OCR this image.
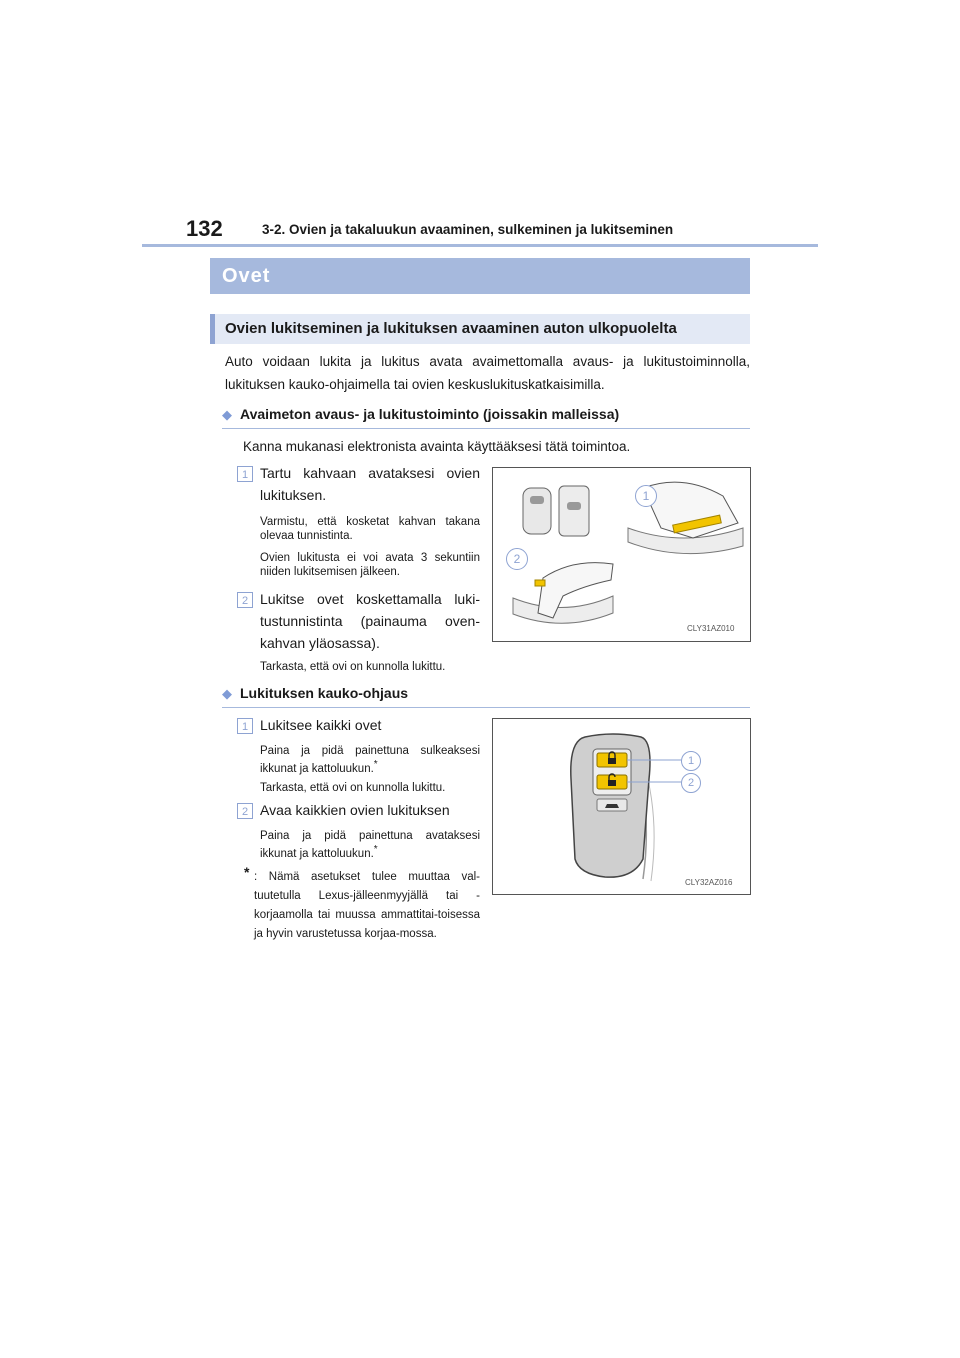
132	3-2. Ovien ja takaluukun avaaminen, sulkeminen ja lukitseminen
Ovet
Ovien lukitseminen ja lukituksen avaaminen auton ulkopuolelta
Auto voidaan lukita ja lukitus avata avaimettomalla avaus- ja lukitustoiminnolla, lukituksen kauko-ohjaimella tai ovien keskuslukituskatkaisimilla.
◆ Avaimeton avaus- ja lukitustoiminto (joissakin malleissa)
Kanna mukanasi elektronista avainta käyttääksesi tätä toimintoa.
1 Tartu kahvaan avataksesi ovien lukituksen.
Varmistu, että kosketat kahvan takana olevaa tunnistinta.
Ovien lukitusta ei voi avata 3 sekuntiin niiden lukitsemisen jälkeen.
2 Lukitse ovet koskettamalla luki-tustunnistinta (painauma oven-kahvan yläosassa).
Tarkasta, että ovi on kunnolla lukittu.
CLY31AZ010
1
2
◆ Lukituksen kauko-ohjaus
1 Lukitsee kaikki ovet
Paina ja pidä painettuna sulkeaksesi ikkunat ja kattoluukun.*
Tarkasta, että ovi on kunnolla lukittu.
2 Avaa kaikkien ovien lukituksen
Paina ja pidä painettuna avataksesi ikkunat ja kattoluukun.*
* : Nämä asetukset tulee muuttaa val-tuutetulla Lexus-jälleenmyyjällä tai -korjaamolla tai muussa ammattitai-toisessa ja hyvin varustetussa korjaa-mossa.
CLY32AZ016
1
2
